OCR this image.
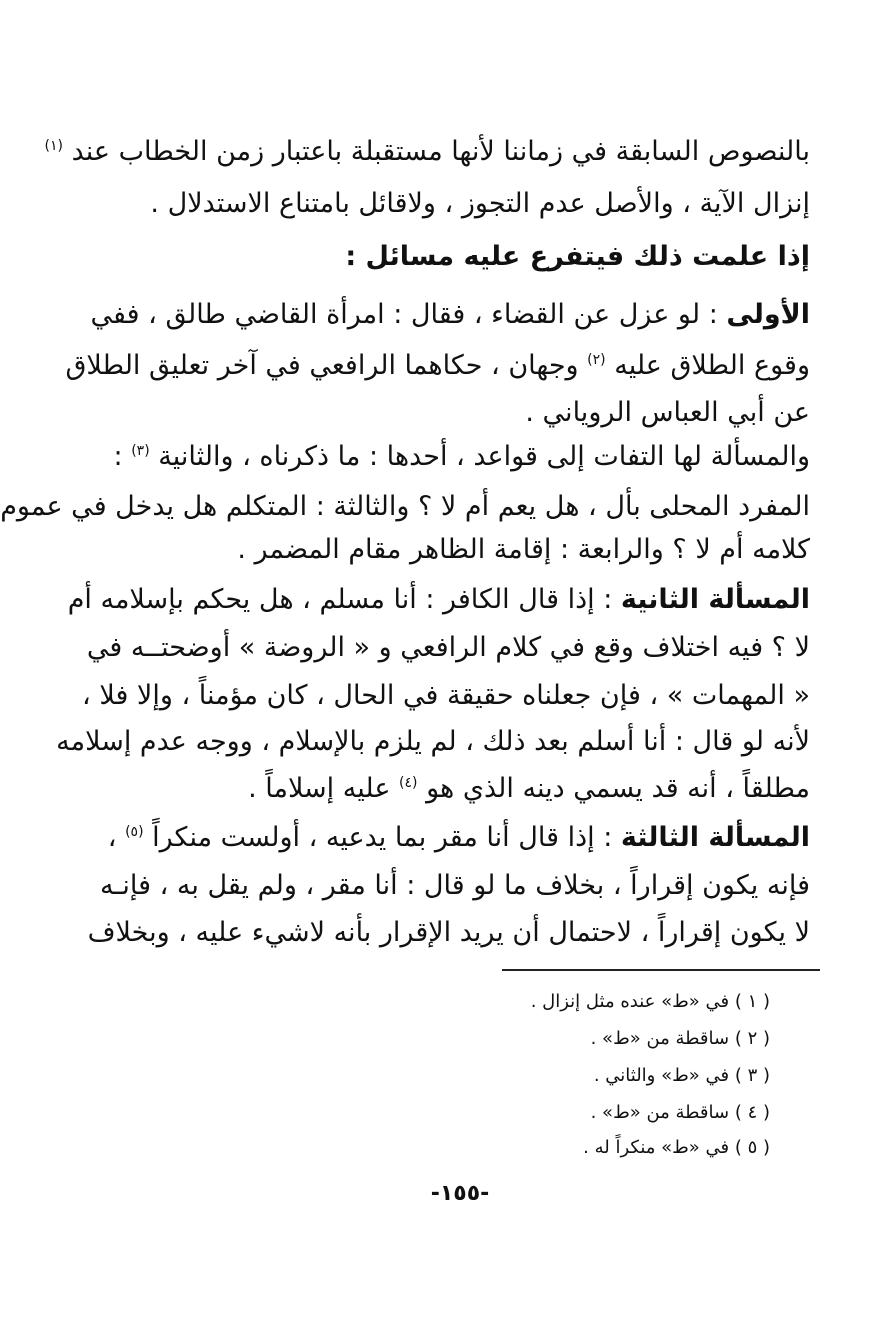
بالنصوص السابقة في زماننا لأنها مستقبلة باعتبار زمن الخطاب عند $^{(١)}$
إنزال الآية ، والأصل عدم التجوز ، ولاقائل بامتناع الاستدلال .
إذا علمت ذلك فيتفرع عليه مسائل :
الأولى : لو عزل عن القضاء ، فقال : امرأة القاضي طالق ، ففي
وقوع الطلاق عليه $^{(٢)}$ وجهان ، حكاهما الرافعي في آخر تعليق الطلاق
عن أبي العباس الروياني .
والمسألة لها التفات إلى قواعد ، أحدها : ما ذكرناه ، والثانية $^{(٣)}$ :
المفرد المحلى بأل ، هل يعم أم لا ؟ والثالثة : المتكلم هل يدخل في عموم
كلامه أم لا ؟ والرابعة : إقامة الظاهر مقام المضمر .
المسألة الثانية : إذا قال الكافر : أنا مسلم ، هل يحكم بإسلامه أم
لا ؟ فيه اختلاف وقع في كلام الرافعي و « الروضة » أوضحتــه في
« المهمات » ، فإن جعلناه حقيقة في الحال ، كان مؤمناً ، وإلا فلا ،
لأنه لو قال : أنا أسلم بعد ذلك ، لم يلزم بالإسلام ، ووجه عدم إسلامه
مطلقاً ، أنه قد يسمي دينه الذي هو $^{(٤)}$ عليه إسلاماً .
المسألة الثالثة : إذا قال أنا مقر بما يدعيه ، أولست منكراً $^{(٥)}$ ،
فإنه يكون إقراراً ، بخلاف ما لو قال : أنا مقر ، ولم يقل به ، فإنـه
لا يكون إقراراً ، لاحتمال أن يريد الإقرار بأنه لاشيء عليه ، وبخلاف
( ١ ) في «ط» عنده مثل إنزال .
( ٢ ) ساقطة من «ط» .
( ٣ ) في «ط» والثاني .
( ٤ ) ساقطة من «ط» .
( ٥ ) في «ط» منكراً له .
-١٥٥-
